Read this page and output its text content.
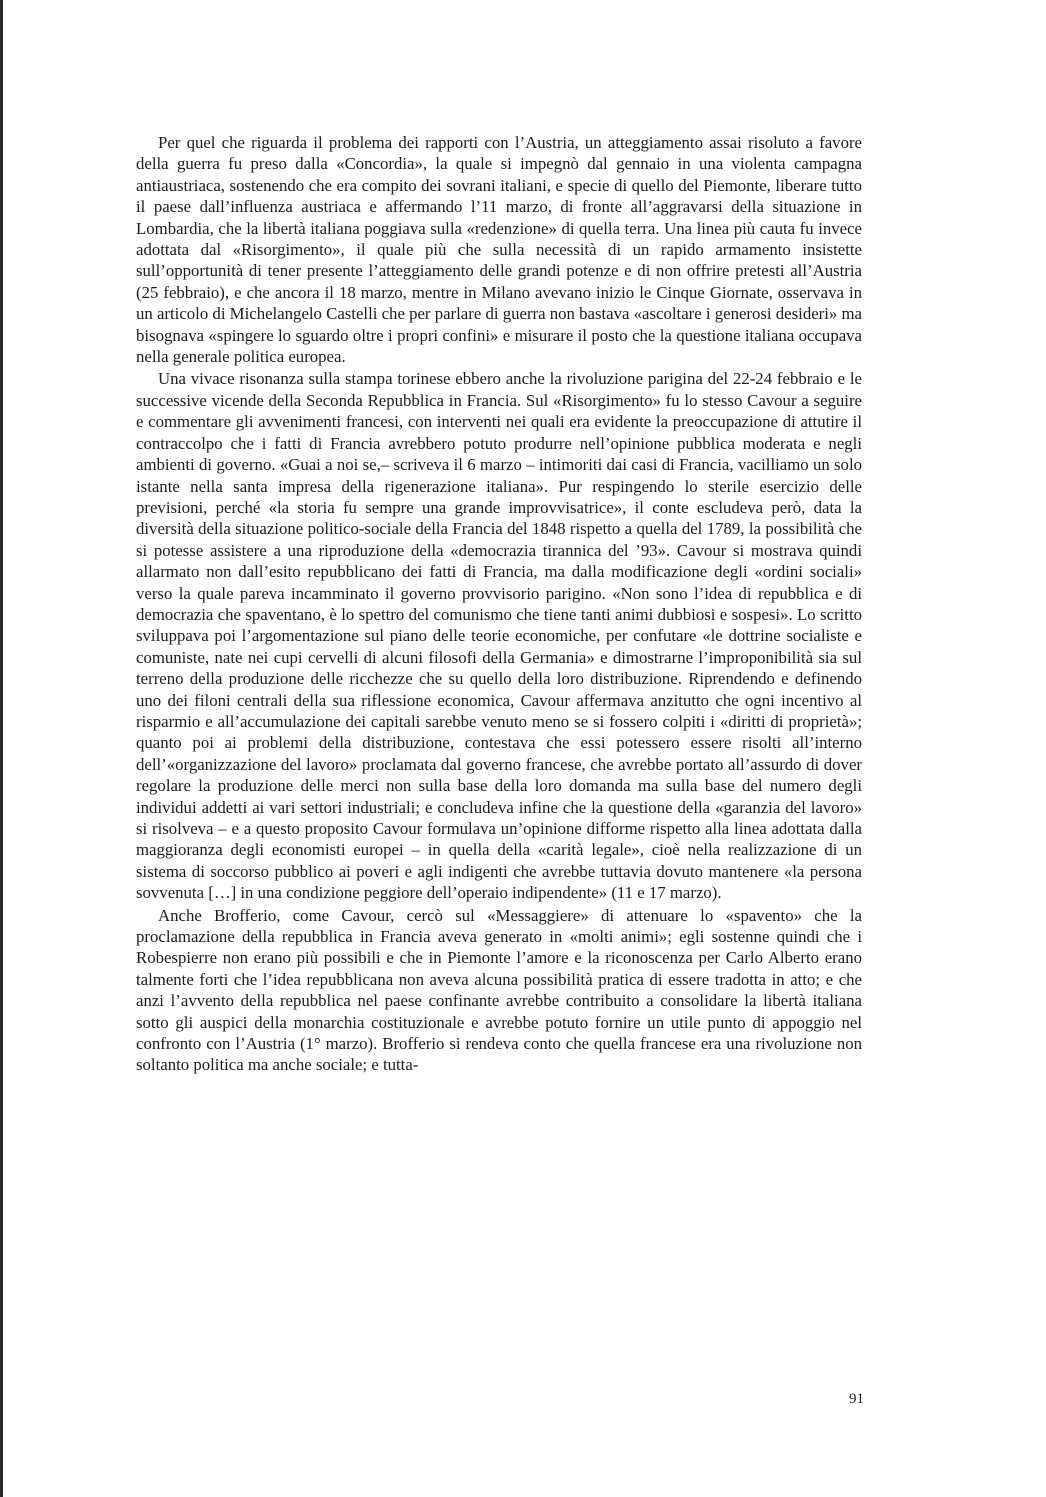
Per quel che riguarda il problema dei rapporti con l’Austria, un atteggiamento assai risoluto a favore della guerra fu preso dalla «Concordia», la quale si impegnò dal gennaio in una violenta campagna antiaustriaca, sostenendo che era compito dei sovrani italiani, e specie di quello del Piemonte, liberare tutto il paese dall’influenza austriaca e affermando l’11 marzo, di fronte all’aggravarsi della situazione in Lombardia, che la libertà italiana poggiava sulla «redenzione» di quella terra. Una linea più cauta fu invece adottata dal «Risorgimento», il quale più che sulla necessità di un rapido armamento insistette sull’opportunità di tener presente l’atteggiamento delle grandi potenze e di non offrire pretesti all’Austria (25 febbraio), e che ancora il 18 marzo, mentre in Milano avevano inizio le Cinque Giornate, osservava in un articolo di Michelangelo Castelli che per parlare di guerra non bastava «ascoltare i generosi desideri» ma bisognava «spingere lo sguardo oltre i propri confini» e misurare il posto che la questione italiana occupava nella generale politica europea.

Una vivace risonanza sulla stampa torinese ebbero anche la rivoluzione parigina del 22-24 febbraio e le successive vicende della Seconda Repubblica in Francia. Sul «Risorgimento» fu lo stesso Cavour a seguire e commentare gli avvenimenti francesi, con interventi nei quali era evidente la preoccupazione di attutire il contraccolpo che i fatti di Francia avrebbero potuto produrre nell’opinione pubblica moderata e negli ambienti di governo. «Guai a noi se,– scriveva il 6 marzo – intimoriti dai casi di Francia, vacilliamo un solo istante nella santa impresa della rigenerazione italiana». Pur respingendo lo sterile esercizio delle previsioni, perché «la storia fu sempre una grande improvvisatrice», il conte escludeva però, data la diversità della situazione politico-sociale della Francia del 1848 rispetto a quella del 1789, la possibilità che si potesse assistere a una riproduzione della «democrazia tirannica del ’93». Cavour si mostrava quindi allarmato non dall’esito repubblicano dei fatti di Francia, ma dalla modificazione degli «ordini sociali» verso la quale pareva incamminato il governo provvisorio parigino. «Non sono l’idea di repubblica e di democrazia che spaventano, è lo spettro del comunismo che tiene tanti animi dubbiosi e sospesi». Lo scritto sviluppava poi l’argomentazione sul piano delle teorie economiche, per confutare «le dottrine socialiste e comuniste, nate nei cupi cervelli di alcuni filosofi della Germania» e dimostrarne l’improponibilità sia sul terreno della produzione delle ricchezze che su quello della loro distribuzione. Riprendendo e definendo uno dei filoni centrali della sua riflessione economica, Cavour affermava anzitutto che ogni incentivo al risparmio e all’accumulazione dei capitali sarebbe venuto meno se si fossero colpiti i «diritti di proprietà»; quanto poi ai problemi della distribuzione, contestava che essi potessero essere risolti all’interno dell’«organizzazione del lavoro» proclamata dal governo francese, che avrebbe portato all’assurdo di dover regolare la produzione delle merci non sulla base della loro domanda ma sulla base del numero degli individui addetti ai vari settori industriali; e concludeva infine che la questione della «garanzia del lavoro» si risolveva – e a questo proposito Cavour formulava un’opinione difforme rispetto alla linea adottata dalla maggioranza degli economisti europei – in quella della «carità legale», cioè nella realizzazione di un sistema di soccorso pubblico ai poveri e agli indigenti che avrebbe tuttavia dovuto mantenere «la persona sovvenuta […] in una condizione peggiore dell’operaio indipendente» (11 e 17 marzo).

Anche Brofferio, come Cavour, cercò sul «Messaggiere» di attenuare lo «spavento» che la proclamazione della repubblica in Francia aveva generato in «molti animi»; egli sostenne quindi che i Robespierre non erano più possibili e che in Piemonte l’amore e la riconoscenza per Carlo Alberto erano talmente forti che l’idea repubblicana non aveva alcuna possibilità pratica di essere tradotta in atto; e che anzi l’avvento della repubblica nel paese confinante avrebbe contribuito a consolidare la libertà italiana sotto gli auspici della monarchia costituzionale e avrebbe potuto fornire un utile punto di appoggio nel confronto con l’Austria (1° marzo). Brofferio si rendeva conto che quella francese era una rivoluzione non soltanto politica ma anche sociale; e tutta-

91
